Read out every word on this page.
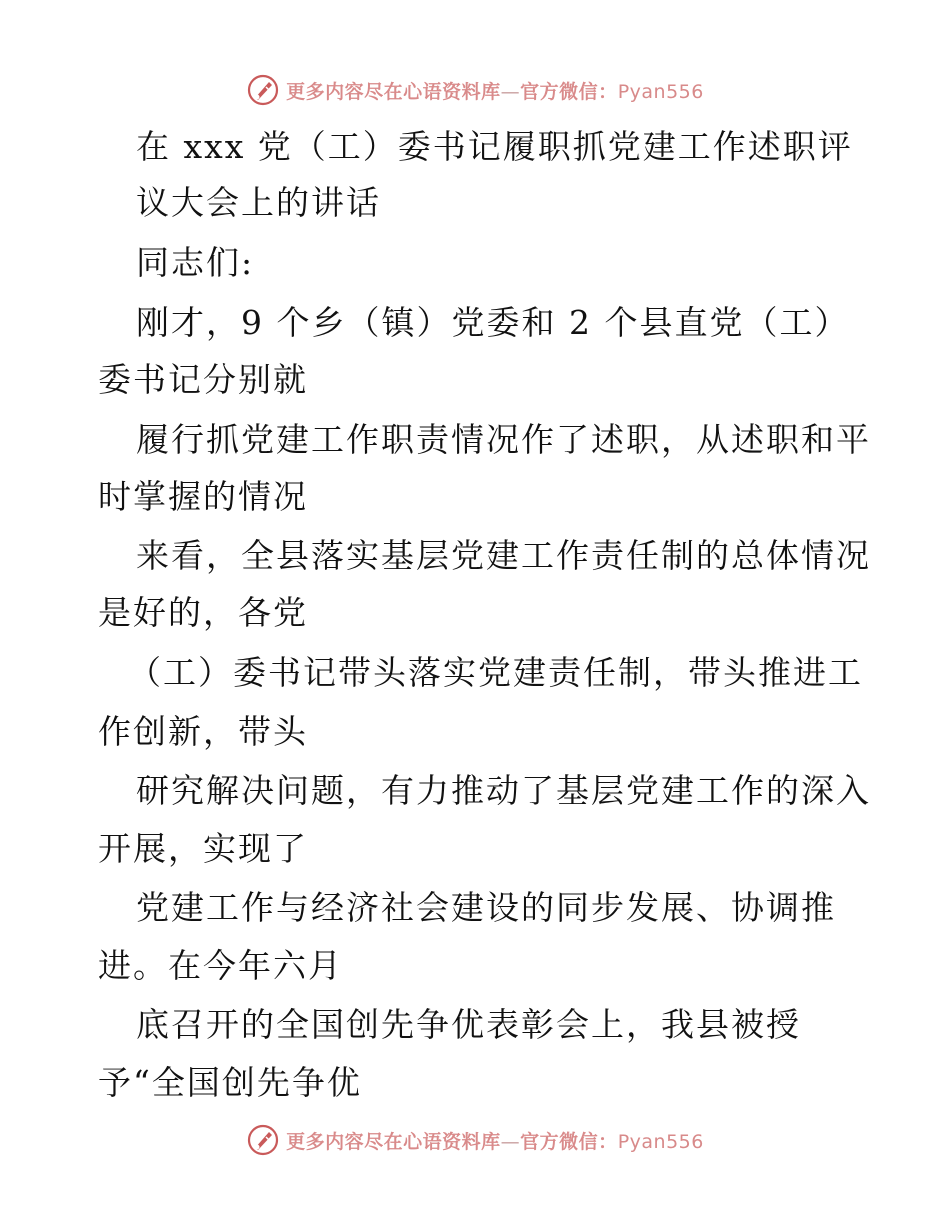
更多内容尽在心语资料库—官方微信：Pyan556
在 xxx 党（工）委书记履职抓党建工作述职评
议大会上的讲话
同志们:
刚才，9 个乡（镇）党委和 2 个县直党（工）
委书记分别就
履行抓党建工作职责情况作了述职，从述职和平
时掌握的情况
来看，全县落实基层党建工作责任制的总体情况
是好的，各党
（工）委书记带头落实党建责任制，带头推进工
作创新，带头
研究解决问题，有力推动了基层党建工作的深入
开展，实现了
党建工作与经济社会建设的同步发展、协调推
进。在今年六月
底召开的全国创先争优表彰会上，我县被授
予“全国创先争优
更多内容尽在心语资料库—官方微信：Pyan556
